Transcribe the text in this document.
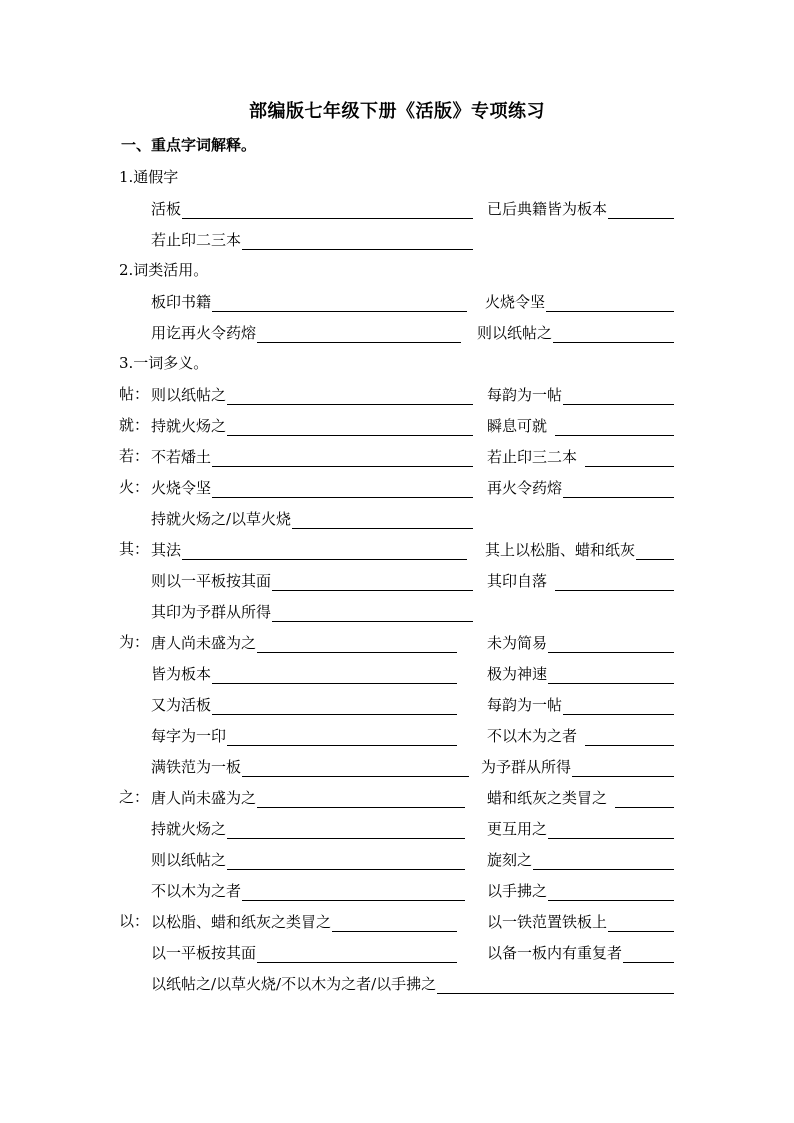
部编版七年级下册《活版》专项练习
一、重点字词解释。
1.通假字
活板	已后典籍皆为板本
若止印二三本
2.词类活用。
板印书籍	火烧令坚
用讫再火令药熔	则以纸帖之
3.一词多义。
帖： 则以纸帖之	每韵为一帖
就： 持就火炀之	瞬息可就
若： 不若燔土	若止印三二本
火： 火烧令坚	再火令药熔
持就火炀之/以草火烧
其： 其法	其上以松脂、蜡和纸灰
则以一平板按其面	其印自落
其印为予群从所得
为： 唐人尚未盛为之	未为简易
皆为板本	极为神速
又为活板	每韵为一帖
每字为一印	不以木为之者
满铁范为一板	为予群从所得
之： 唐人尚未盛为之	蜡和纸灰之类冒之
持就火炀之	更互用之
则以纸帖之	旋刻之
不以木为之者	以手拂之
以： 以松脂、蜡和纸灰之类冒之	以一铁范置铁板上
以一平板按其面	以备一板内有重复者
以纸帖之/以草火烧/不以木为之者/以手拂之
